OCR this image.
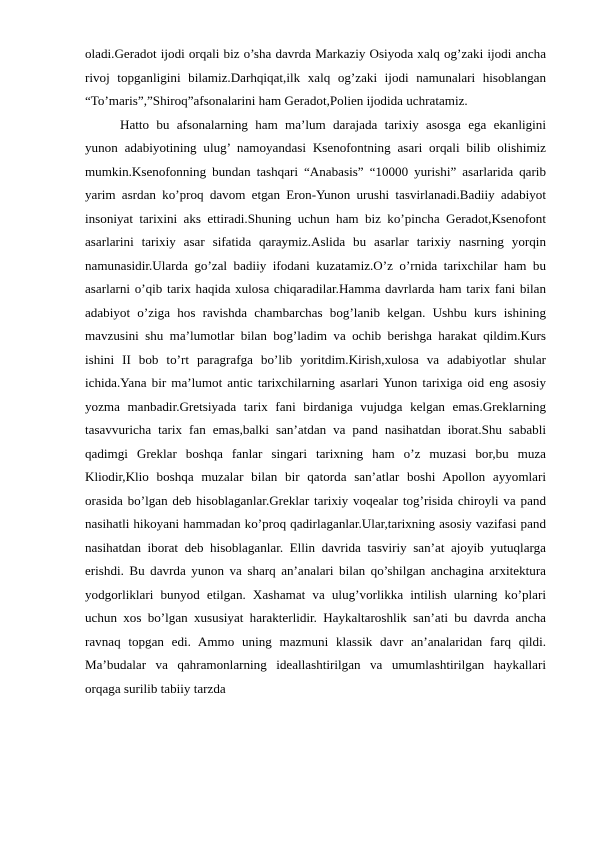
oladi.Geradot ijodi orqali biz o’sha davrda Markaziy Osiyoda xalq og’zaki ijodi ancha rivoj topganligini bilamiz.Darhqiqat,ilk xalq og’zaki ijodi namunalari hisoblangan “To’maris”,”Shiroq”afsonalarini ham Geradot,Polien ijodida uchratamiz.

Hatto bu afsonalarning ham ma’lum darajada tarixiy asosga ega ekanligini yunon adabiyotining ulug’ namoyandasi Ksenofontning asari orqali bilib olishimiz mumkin.Ksenofonning bundan tashqari “Anabasis” “10000 yurishi” asarlarida qarib yarim asrdan ko’proq davom etgan Eron-Yunon urushi tasvirlanadi.Badiiy adabiyot insoniyat tarixini aks ettiradi.Shuning uchun ham biz ko’pincha Geradot,Ksenofont asarlarini tarixiy asar sifatida qaraymiz.Aslida bu asarlar tarixiy nasrning yorqin namunasidir.Ularda go’zal badiiy ifodani kuzatamiz.O’z o’rnida tarixchilar ham bu asarlarni o’qib tarix haqida xulosa chiqaradilar.Hamma davrlarda ham tarix fani bilan adabiyot o’ziga hos ravishda chambarchas bog’lanib kelgan. Ushbu kurs ishining mavzusini shu ma’lumotlar bilan bog’ladim va ochib berishga harakat qildim.Kurs ishini II bob to’rt paragrafga bo’lib yoritdim.Kirish,xulosa va adabiyotlar shular ichida.Yana bir ma’lumot antic tarixchilarning asarlari Yunon tarixiga oid eng asosiy yozma manbadir.Gretsiyada tarix fani birdaniga vujudga kelgan emas.Greklarning tasavvuricha tarix fan emas,balki san’atdan va pand nasihatdan iborat.Shu sababli qadimgi Greklar boshqa fanlar singari tarixning ham o’z muzasi bor,bu muza Kliodir,Klio boshqa muzalar bilan bir qatorda san’atlar boshi Apollon ayyomlari orasida bo’lgan deb hisoblaganlar.Greklar tarixiy voqealar tog’risida chiroyli va pand nasihatli hikoyani hammadan ko’proq qadirlaganlar.Ular,tarixning asosiy vazifasi pand nasihatdan iborat deb hisoblaganlar. Ellin davrida tasviriy san’at ajoyib yutuqlarga erishdi. Bu davrda yunon va sharq an’analari bilan qo’shilgan anchagina arxitektura yodgorliklari bunyod etilgan. Xashamat va ulug’vorlikka intilish ularning ko’plari uchun xos bo’lgan xususiyat harakterlidir. Haykaltaroshlik san’ati bu davrda ancha ravnaq topgan edi. Ammo uning mazmuni klassik davr an’analaridan farq qildi. Ma’budalar va qahramonlarning ideallashtirilgan va umumlashtirilgan haykallari orqaga surilib tabiiy tarzda
